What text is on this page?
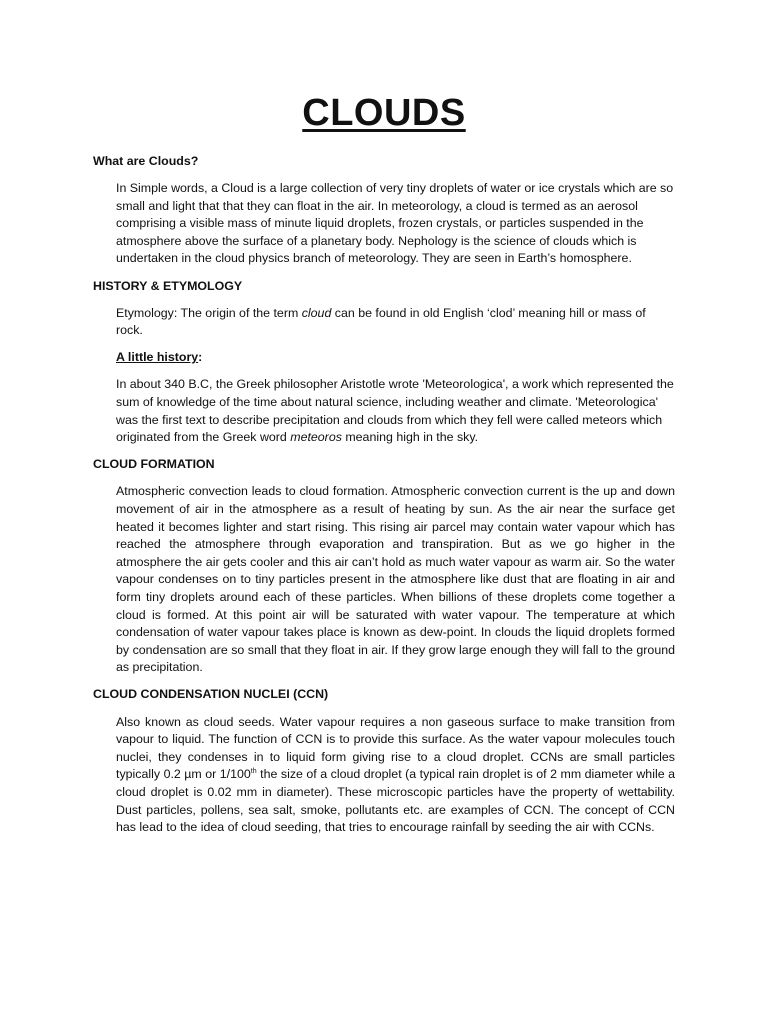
CLOUDS

What are Clouds?

In Simple words, a Cloud is a large collection of very tiny droplets of water or ice crystals which are so small and light that that they can float in the air. In meteorology, a cloud is termed as an aerosol comprising a visible mass of minute liquid droplets, frozen crystals, or particles suspended in the atmosphere above the surface of a planetary body. Nephology is the science of clouds which is undertaken in the cloud physics branch of meteorology. They are seen in Earth’s homosphere.

HISTORY & ETYMOLOGY

Etymology: The origin of the term cloud can be found in old English ‘clod’ meaning hill or mass of rock.

A little history:

In about 340 B.C, the Greek philosopher Aristotle wrote 'Meteorologica', a work which represented the sum of knowledge of the time about natural science, including weather and climate. 'Meteorologica' was the first text to describe precipitation and clouds from which they fell were called meteors which originated from the Greek word meteoros meaning high in the sky.

CLOUD FORMATION

Atmospheric convection leads to cloud formation. Atmospheric convection current is the up and down movement of air in the atmosphere as a result of heating by sun. As the air near the surface get heated it becomes lighter and start rising. This rising air parcel may contain water vapour which has reached the atmosphere through evaporation and transpiration. But as we go higher in the atmosphere the air gets cooler and this air can’t hold as much water vapour as warm air. So the water vapour condenses on to tiny particles present in the atmosphere like dust that are floating in air and form tiny droplets around each of these particles. When billions of these droplets come together a cloud is formed. At this point air will be saturated with water vapour. The temperature at which condensation of water vapour takes place is known as dew-point. In clouds the liquid droplets formed by condensation are so small that they float in air. If they grow large enough they will fall to the ground as precipitation.

CLOUD CONDENSATION NUCLEI (CCN)

Also known as cloud seeds. Water vapour requires a non gaseous surface to make transition from vapour to liquid. The function of CCN is to provide this surface. As the water vapour molecules touch nuclei, they condenses in to liquid form giving rise to a cloud droplet. CCNs are small particles typically 0.2 µm or 1/100th the size of a cloud droplet (a typical rain droplet is of 2 mm diameter while a cloud droplet is 0.02 mm in diameter). These microscopic particles have the property of wettability. Dust particles, pollens, sea salt, smoke, pollutants etc. are examples of CCN. The concept of CCN has lead to the idea of cloud seeding, that tries to encourage rainfall by seeding the air with CCNs.
